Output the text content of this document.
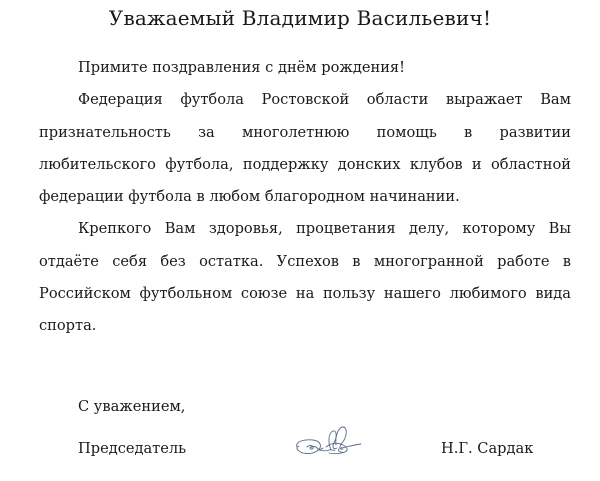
Уважаемый Владимир Васильевич!

Примите поздравления с днём рождения!

Федерация футбола Ростовской области выражает Вам признательность за многолетнюю помощь в развитии любительского футбола, поддержку донских клубов и областной федерации футбола в любом благородном начинании.

Крепкого Вам здоровья, процветания делу, которому Вы отдаёте себя без остатка. Успехов в многогранной работе в Российском футбольном союзе на пользу нашего любимого вида спорта.

С уважением,
Председатель	Н.Г. Сардак
